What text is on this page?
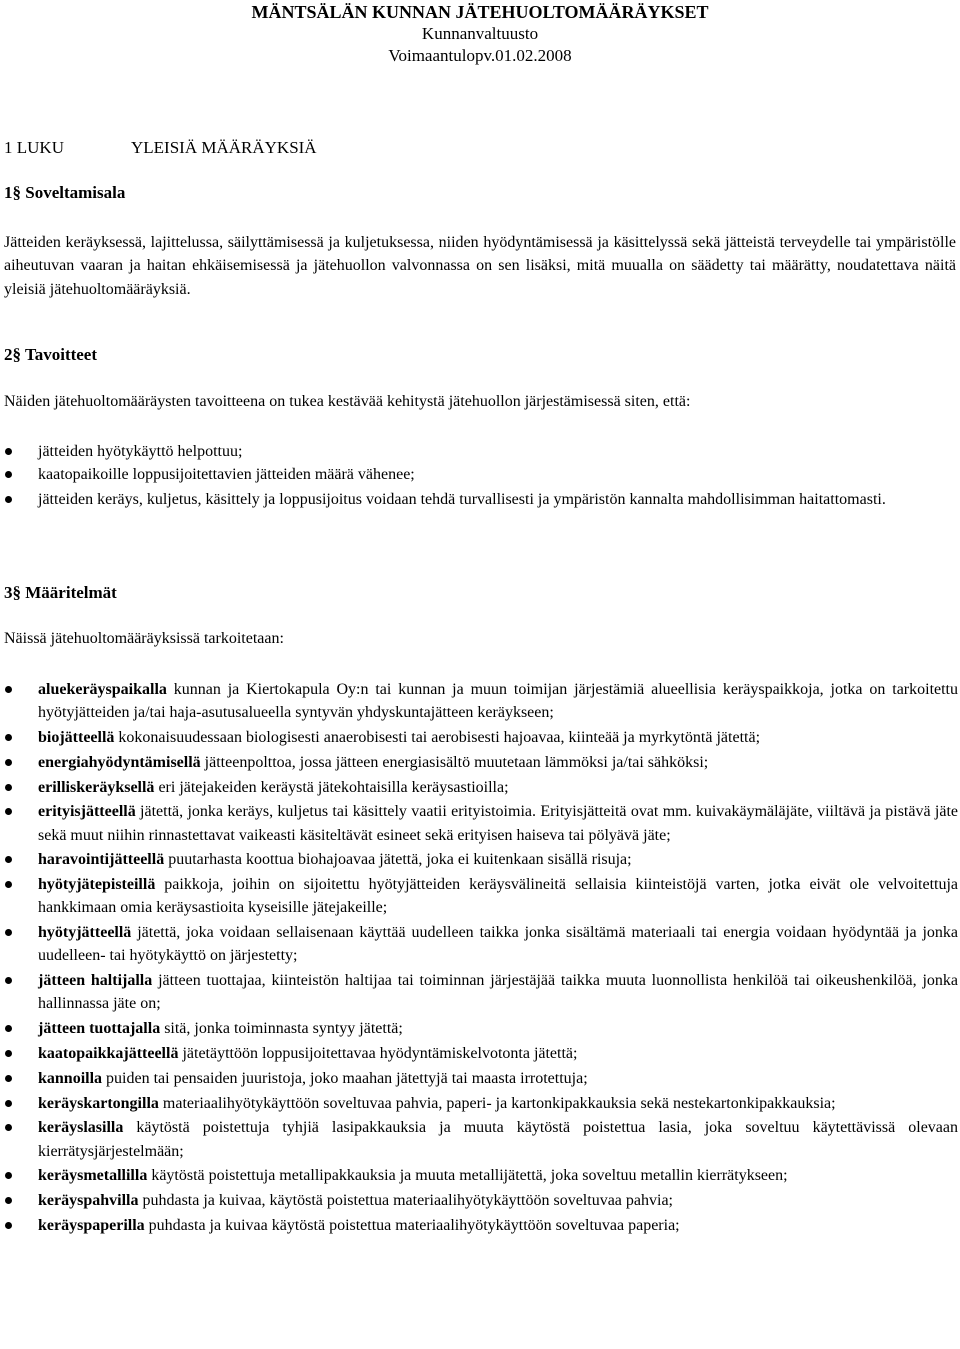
MÄNTSÄLÄN KUNNAN JÄTEHUOLTOMÄÄRÄYKSET
Kunnanvaltuusto
Voimaantulopv.01.02.2008
1 LUKU	YLEISIÄ MÄÄRÄYKSIÄ
1§ Soveltamisala
Jätteiden keräyksessä, lajittelussa, säilyttämisessä ja kuljetuksessa, niiden hyödyntämisessä ja käsittelyssä sekä jätteistä terveydelle tai ympäristölle aiheutuvan vaaran ja haitan ehkäisemisessä ja jätehuollon valvonnassa on sen lisäksi, mitä muualla on säädetty tai määrätty, noudatettava näitä yleisiä jätehuoltomääräyksiä.
2§ Tavoitteet
Näiden jätehuoltomääräysten tavoitteena on tukea kestävää kehitystä jätehuollon järjestämisessä siten, että:
jätteiden hyötykäyttö helpottuu;
kaatopaikoille loppusijoitettavien jätteiden määrä vähenee;
jätteiden keräys, kuljetus, käsittely ja loppusijoitus voidaan tehdä turvallisesti ja ympäristön kannalta mahdollisimman haitattomasti.
3§ Määritelmät
Näissä jätehuoltomääräyksissä tarkoitetaan:
aluekeräyspaikalla kunnan ja Kiertokapula Oy:n tai kunnan ja muun toimijan järjestämiä alueellisia keräyspaikkoja, jotka on tarkoitettu hyötyjätteiden ja/tai haja-asutusalueella syntyvän yhdyskuntajätteen keräykseen;
biojätteellä kokonaisuudessaan biologisesti anaerobisesti tai aerobisesti hajoavaa, kiinteää ja myrkytöntä jätettä;
energiahyödyntämisellä jätteenpolttoa, jossa jätteen energiasisältö muutetaan lämmöksi ja/tai sähköksi;
erilliskeräyksellä eri jätejakeiden keräystä jätekohtaisilla keräysastioilla;
erityisjätteellä jätettä, jonka keräys, kuljetus tai käsittely vaatii erityistoimia. Erityisjätteitä ovat mm. kuivakäymäläjäte, viiltävä ja pistävä jäte sekä muut niihin rinnastettavat vaikeasti käsiteltävät esineet sekä erityisen haiseva tai pölyävä jäte;
haravointijätteellä puutarhasta koottua biohajoavaa jätettä, joka ei kuitenkaan sisällä risuja;
hyötyjätepisteillä paikkoja, joihin on sijoitettu hyötyjätteiden keräysvälineitä sellaisia kiinteistöjä varten, jotka eivät ole velvoitettuja hankkimaan omia keräysastioita kyseisille jätejakeille;
hyötyjätteellä jätettä, joka voidaan sellaisenaan käyttää uudelleen taikka jonka sisältämä materiaali tai energia voidaan hyödyntää ja jonka uudelleen- tai hyötykäyttö on järjestetty;
jätteen haltijalla jätteen tuottajaa, kiinteistön haltijaa tai toiminnan järjestäjää taikka muuta luonnollista henkilöä tai oikeushenkilöä, jonka hallinnassa jäte on;
jätteen tuottajalla sitä, jonka toiminnasta syntyy jätettä;
kaatopaikkajätteellä jätetäyttöön loppusijoitettavaa hyödyntämiskelvotonta jätettä;
kannoilla puiden tai pensaiden juuristoja, joko maahan jätettyjä tai maasta irrotettuja;
keräyskartongilla materiaalihyötykäyttöön soveltuvaa pahvia, paperi- ja kartonkipakkauksia sekä nestekartonkipakkauksia;
keräyslasilla käytöstä poistettuja tyhjiä lasipakkauksia ja muuta käytöstä poistettua lasia, joka soveltuu käytettävissä olevaan kierrätysjärjestelmään;
keräysmetallilla käytöstä poistettuja metallipakkauksia ja muuta metallijätettä, joka soveltuu metallin kierrätykseen;
keräyspahvilla puhdasta ja kuivaa, käytöstä poistettua materiaalihyötykäyttöön soveltuvaa pahvia;
keräyspaperilla puhdasta ja kuivaa käytöstä poistettua materiaalihyötykäyttöön soveltuvaa paperia;
